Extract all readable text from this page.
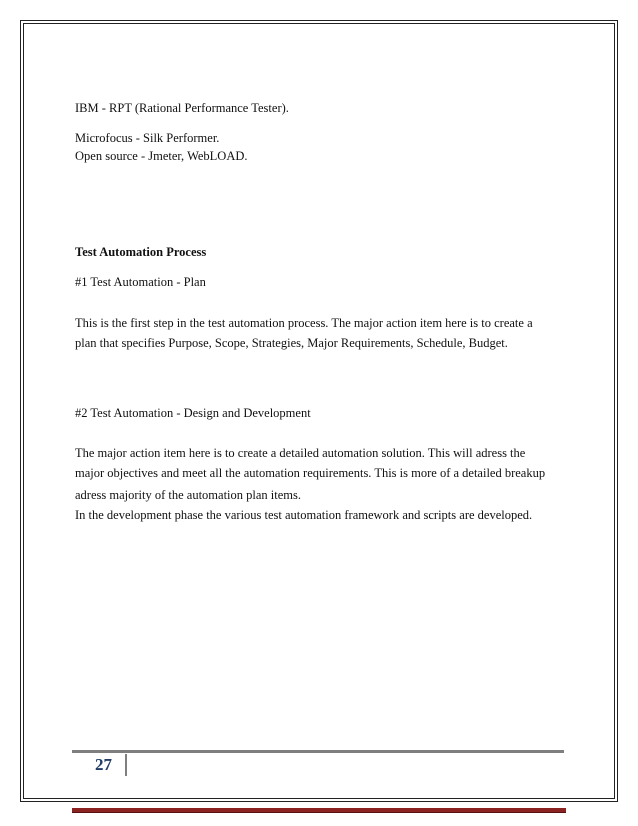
IBM - RPT (Rational Performance Tester).
Microfocus - Silk Performer.
Open source - Jmeter, WebLOAD.
Test Automation Process
#1 Test Automation - Plan
This is the first step in the test automation process. The major action item here is to create a
plan that specifies Purpose, Scope, Strategies, Major Requirements, Schedule, Budget.
#2 Test Automation - Design and Development
The major action item here is to create a detailed automation solution. This will adress the
major objectives and meet all the automation requirements. This is more of a detailed breakup
adress majority of the automation plan items.
In the development phase the various test automation framework and scripts are developed.
27
